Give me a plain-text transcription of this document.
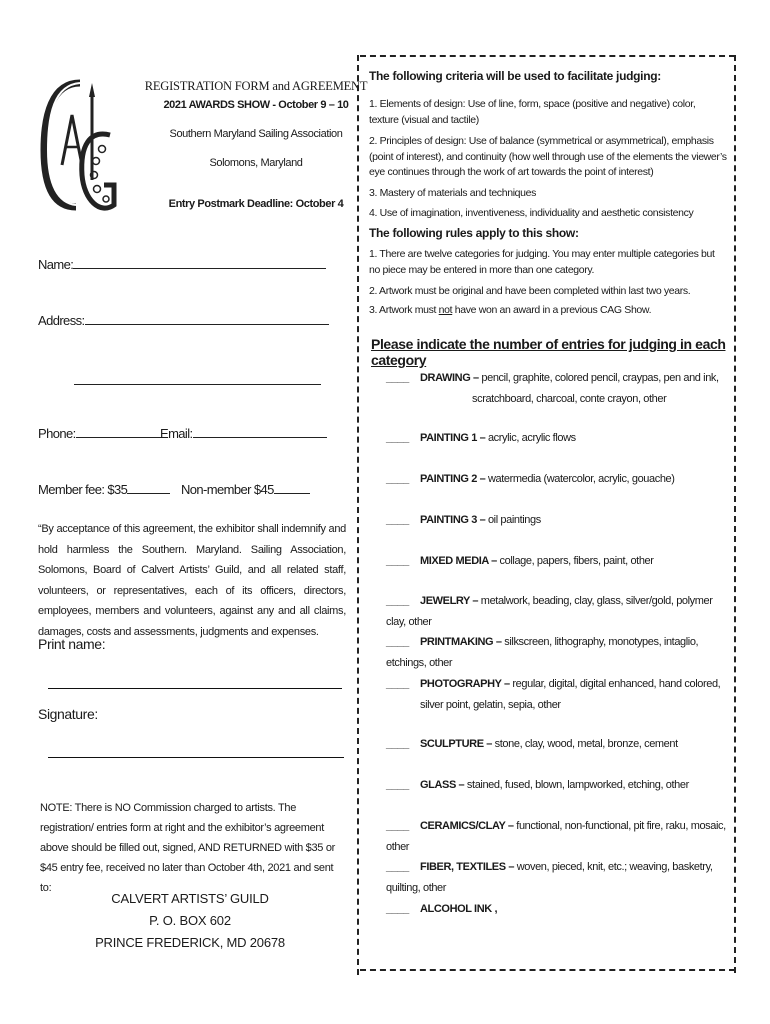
REGISTRATION FORM and AGREEMENT
2021 AWARDS SHOW - October 9 – 10
Southern Maryland Sailing Association
Solomons, Maryland
Entry Postmark Deadline: October 4
Name:
Address:
Phone:	Email:
Member fee: $35	Non-member $45
“By acceptance of this agreement, the exhibitor shall indemnify and hold harmless the Southern. Maryland. Sailing Association, Solomons, Board of Calvert Artists’ Guild, and all related staff, volunteers, or representatives, each of its officers, directors, employees, members and volunteers, against any and all claims, damages, costs and assessments, judgments and expenses.
Print name:
Signature:
NOTE: There is NO Commission charged to artists. The registration/ entries form at right and the exhibitor’s agreement above should be filled out, signed, AND RETURNED with $35 or $45 entry fee, received no later than October 4th, 2021 and sent to:
CALVERT ARTISTS’ GUILD
P. O. BOX 602
PRINCE FREDERICK, MD 20678
The following criteria will be used to facilitate judging:
1. Elements of design: Use of line, form, space (positive and negative) color, texture (visual and tactile)
2. Principles of design: Use of balance (symmetrical or asymmetrical), emphasis (point of interest), and continuity (how well through use of the elements the viewer’s eye continues through the work of art towards the point of interest)
3. Mastery of materials and techniques
4. Use of imagination, inventiveness, individuality and aesthetic consistency
The following rules apply to this show:
1. There are twelve categories for judging. You may enter multiple categories but no piece may be entered in more than one category.
2. Artwork must be original and have been completed within last two years.
3. Artwork must not have won an award in a previous CAG Show.
Please indicate the number of entries for judging in each category
____ DRAWING – pencil, graphite, colored pencil, craypas, pen and ink,
scratchboard, charcoal, conte crayon, other
____ PAINTING 1 – acrylic, acrylic flows
____ PAINTING 2 – watermedia (watercolor, acrylic, gouache)
____ PAINTING 3 – oil paintings
____ MIXED MEDIA – collage, papers, fibers, paint, other
____ JEWELRY – metalwork, beading, clay, glass, silver/gold, polymer clay, other
____ PRINTMAKING – silkscreen, lithography, monotypes, intaglio, etchings, other
____ PHOTOGRAPHY – regular, digital, digital enhanced, hand colored,
silver point, gelatin, sepia, other
____ SCULPTURE – stone, clay, wood, metal, bronze, cement
____ GLASS – stained, fused, blown, lampworked, etching, other
____ CERAMICS/CLAY – functional, non-functional, pit fire, raku, mosaic, other
____ FIBER, TEXTILES – woven, pieced, knit, etc.; weaving, basketry, quilting, other
____ ALCOHOL INK ,
